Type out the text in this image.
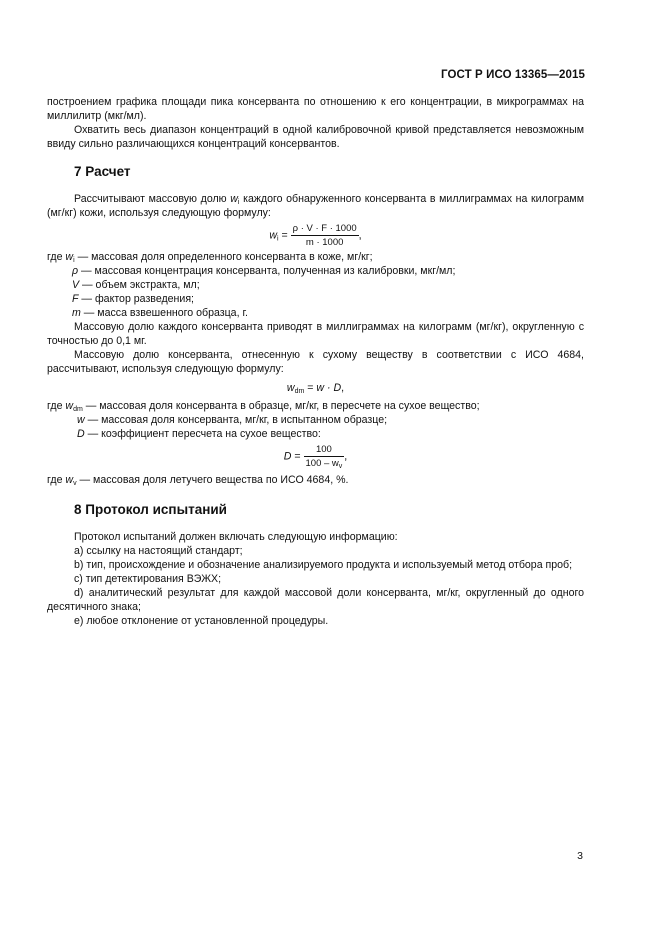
ГОСТ Р ИСО 13365—2015

построением графика площади пика консерванта по отношению к его концентрации, в микрограммах на миллилитр (мкг/мл).

Охватить весь диапазон концентраций в одной калибровочной кривой представляется невозможным ввиду сильно различающихся концентраций консервантов.

7 Расчет

Рассчитывают массовую долю $w_i$ каждого обнаруженного консерванта в миллиграммах на килограмм (мг/кг) кожи, используя следующую формулу:

$w_i = \frac{\rho \cdot V \cdot F \cdot 1000}{m \cdot 1000}$ ,

где $w_i$ — массовая доля определенного консерванта в коже, мг/кг;

ρ — массовая концентрация консерванта, полученная из калибровки, мкг/мл;

V — объем экстракта, мл;

F — фактор разведения;

m — масса взвешенного образца, г.

Массовую долю каждого консерванта приводят в миллиграммах на килограмм (мг/кг), округленную с точностью до 0,1 мг.

Массовую долю консерванта, отнесенную к сухому веществу в соответствии с ИСО 4684, рассчитывают, используя следующую формулу:

$w_{dm} = w \cdot D$,

где $w_{dm}$ — массовая доля консерванта в образце, мг/кг, в пересчете на сухое вещество;

w — массовая доля консерванта, мг/кг, в испытанном образце;

D — коэффициент пересчета на сухое вещество:

$D = \frac{100}{100 - w_v}$ ,

где $w_v$ — массовая доля летучего вещества по ИСО 4684, %.

8 Протокол испытаний

Протокол испытаний должен включать следующую информацию:

a) ссылку на настоящий стандарт;

b) тип, происхождение и обозначение анализируемого продукта и используемый метод отбора проб;

c) тип детектирования ВЭЖХ;

d) аналитический результат для каждой массовой доли консерванта, мг/кг, округленный до одного десятичного знака;

e) любое отклонение от установленной процедуры.

3
